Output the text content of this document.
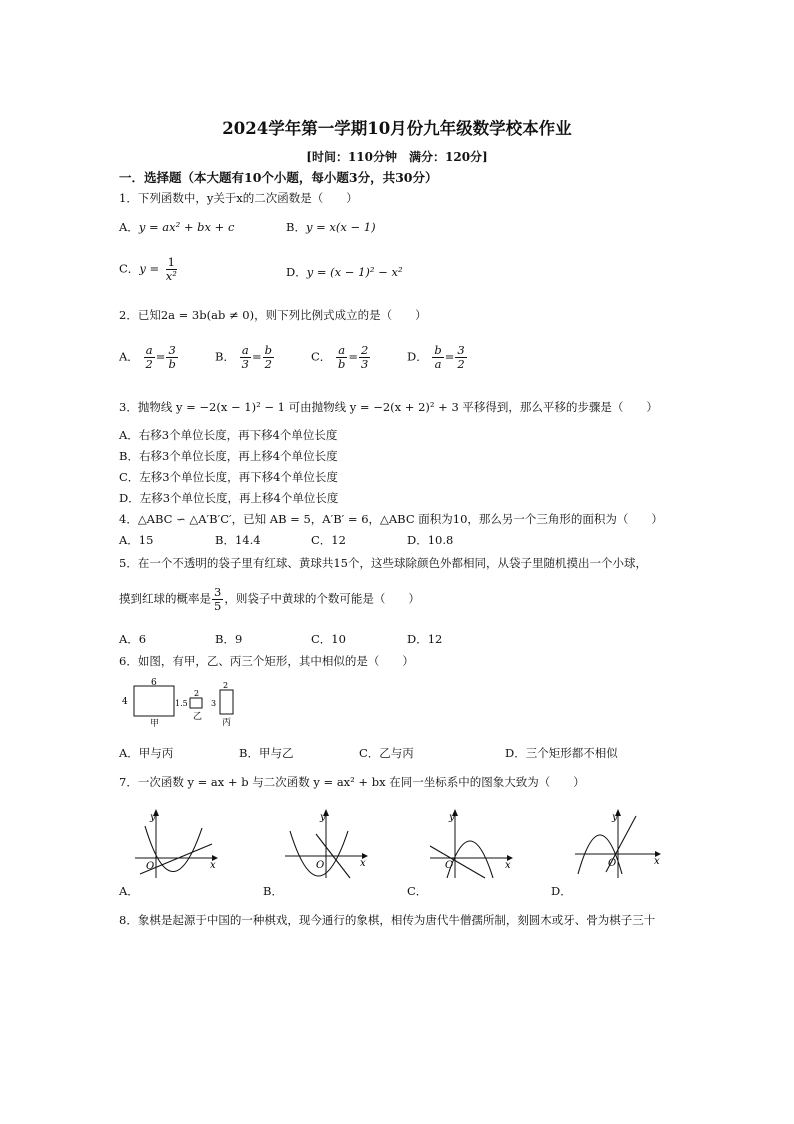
2024学年第一学期10月份九年级数学校本作业
[时间：110分钟　满分：120分]
一．选择题（本大题有10个小题，每小题3分，共30分）
1．下列函数中，y关于x的二次函数是（　　）
A．y = ax² + bx + c	B．y = x(x − 1)
C．$y = \frac{1}{\text{x²}}$	D．y = (x − 1)² − x²
2．已知2a = 3b(ab ≠ 0)，则下列比例式成立的是（　　）
A． $\frac{a}{2} = \frac{3}{b}$	B． $\frac{a}{3} = \frac{b}{2}$	C． $\frac{a}{b} = \frac{2}{3}$	D． $\frac{b}{a} = \frac{3}{2}$
3．抛物线 y = −2(x − 1)² − 1 可由抛物线 y = −2(x + 2)² + 3 平移得到，那么平移的步骤是（　　）
A．右移3个单位长度，再下移4个单位长度
B．右移3个单位长度，再上移4个单位长度
C．左移3个单位长度，再下移4个单位长度
D．左移3个单位长度，再上移4个单位长度
4．△ABC ∽ △A′B′C′，已知 AB = 5，A′B′ = 6，△ABC 面积为10，那么另一个三角形的面积为（　　）
A．15	B．14.4	C．12	D．10.8
5．在一个不透明的袋子里有红球、黄球共15个，这些球除颜色外都相同，从袋子里随机摸出一个小球，
摸到红球的概率是 $\frac{3}{5}$ ，则袋子中黄球的个数可能是（　　）
A．6	B．9	C．10	D．12
6．如图，有甲，乙、丙三个矩形，其中相似的是（　　）
6
4
甲
2
1.5
乙
2
3
丙
A．甲与丙	B．甲与乙	C．乙与丙	D．三个矩形都不相似
7．一次函数 y = ax + b 与二次函数 y = ax² + bx 在同一坐标系中的图象大致为（　　）
y
x
O
y
x
O
y
x
O
y
x
O
A．	B．	C．	D．
8．象棋是起源于中国的一种棋戏，现今通行的象棋，相传为唐代牛僧孺所制，刻圆木或牙、骨为棋子三十
